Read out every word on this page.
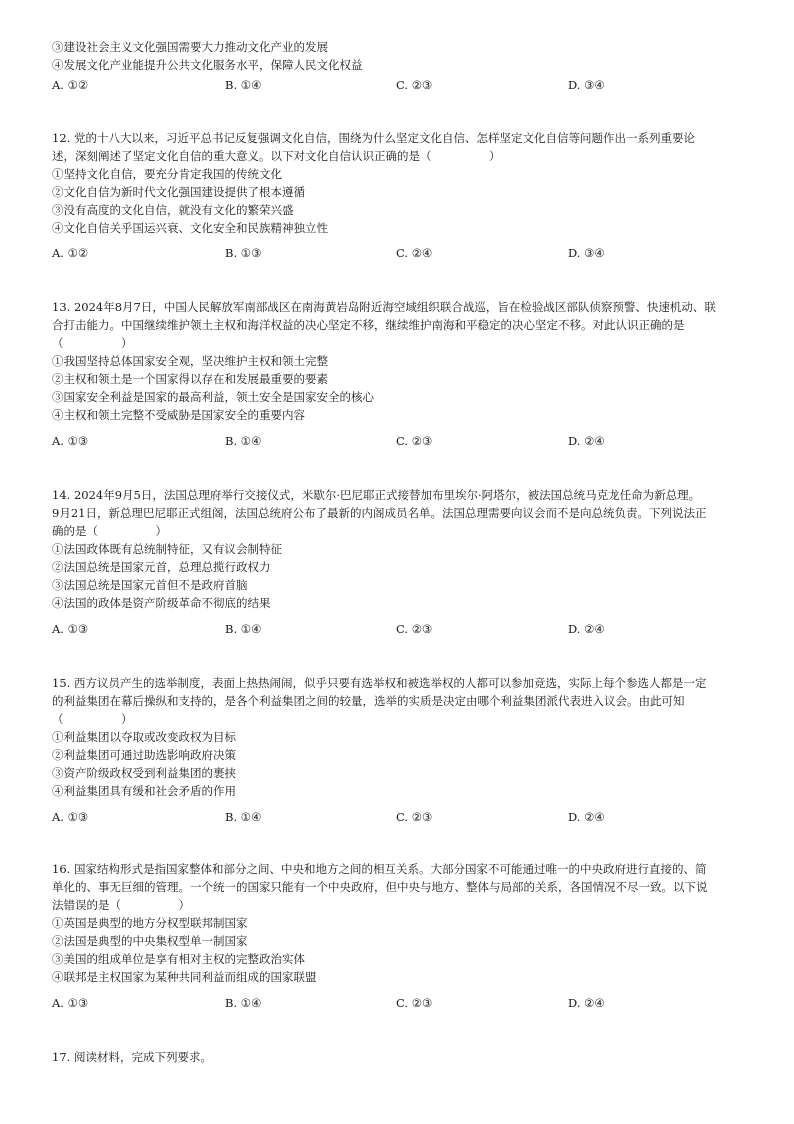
③建设社会主义文化强国需要大力推动文化产业的发展
④发展文化产业能提升公共文化服务水平，保障人民文化权益
A. ①②	B. ①④	C. ②③	D. ③④
12. 党的十八大以来，习近平总书记反复强调文化自信，围绕为什么坚定文化自信、怎样坚定文化自信等问题作出一系列重要论
述，深刻阐述了坚定文化自信的重大意义。以下对文化自信认识正确的是（　　　　　）
①坚持文化自信，要充分肯定我国的传统文化
②文化自信为新时代文化强国建设提供了根本遵循
③没有高度的文化自信，就没有文化的繁荣兴盛
④文化自信关乎国运兴衰、文化安全和民族精神独立性
A. ①②	B. ①③	C. ②④	D. ③④
13. 2024年8月7日，中国人民解放军南部战区在南海黄岩岛附近海空域组织联合战巡，旨在检验战区部队侦察预警、快速机动、联
合打击能力。中国继续维护领土主权和海洋权益的决心坚定不移，继续维护南海和平稳定的决心坚定不移。对此认识正确的是
（　　　　　）
①我国坚持总体国家安全观，坚决维护主权和领土完整
②主权和领土是一个国家得以存在和发展最重要的要素
③国家安全利益是国家的最高利益，领土安全是国家安全的核心
④主权和领土完整不受威胁是国家安全的重要内容
A. ①③	B. ①④	C. ②③	D. ②④
14. 2024年9月5日，法国总理府举行交接仪式，米歇尔·巴尼耶正式接替加布里埃尔·阿塔尔，被法国总统马克龙任命为新总理。
9月21日，新总理巴尼耶正式组阁，法国总统府公布了最新的内阁成员名单。法国总理需要向议会而不是向总统负责。下列说法正
确的是（　　　　　）
①法国政体既有总统制特征，又有议会制特征
②法国总统是国家元首，总理总揽行政权力
③法国总统是国家元首但不是政府首脑
④法国的政体是资产阶级革命不彻底的结果
A. ①③	B. ①④	C. ②③	D. ②④
15. 西方议员产生的选举制度，表面上热热闹闹，似乎只要有选举权和被选举权的人都可以参加竞选，实际上每个参选人都是一定
的利益集团在幕后操纵和支持的，是各个利益集团之间的较量，选举的实质是决定由哪个利益集团派代表进入议会。由此可知
（　　　　　）
①利益集团以夺取或改变政权为目标
②利益集团可通过助选影响政府决策
③资产阶级政权受到利益集团的裹挟
④利益集团具有缓和社会矛盾的作用
A. ①③	B. ①④	C. ②③	D. ②④
16. 国家结构形式是指国家整体和部分之间、中央和地方之间的相互关系。大部分国家不可能通过唯一的中央政府进行直接的、简
单化的、事无巨细的管理。一个统一的国家只能有一个中央政府，但中央与地方、整体与局部的关系，各国情况不尽一致。以下说
法错误的是（　　　　　）
①英国是典型的地方分权型联邦制国家
②法国是典型的中央集权型单一制国家
③美国的组成单位是享有相对主权的完整政治实体
④联邦是主权国家为某种共同利益而组成的国家联盟
A. ①③	B. ①④	C. ②③	D. ②④
17. 阅读材料，完成下列要求。
